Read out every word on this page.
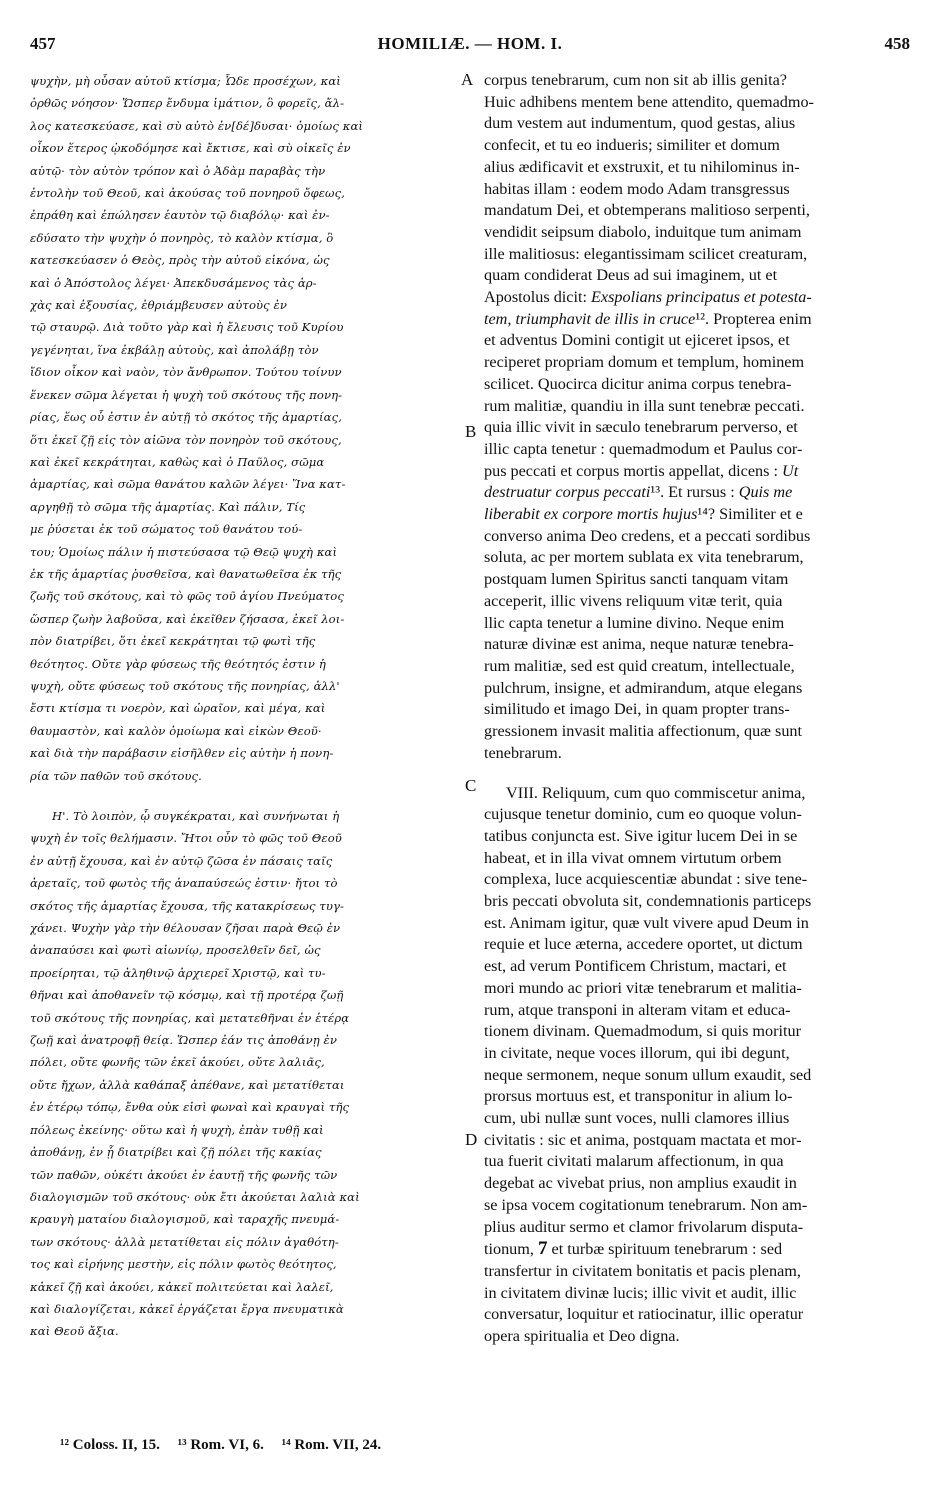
457	HOMILIÆ. — HOM. I.	458
A
B
C
D
ψυχὴν, μὴ οὖσαν αὐτοῦ κτίσμα; Ὧδε προσέχων, καὶ
ὀρθῶς νόησον· Ὥσπερ ἔνδυμα ἱμάτιον, ὃ φορεῖς, ἄλ-
λος κατεσκεύασε, καὶ σὺ αὐτὸ ἐν[δέ]δυσαι· ὁμοίως καὶ
οἶκον ἕτερος ᾠκοδόμησε καὶ ἔκτισε, καὶ σὺ οἰκεῖς ἐν
αὐτῷ· τὸν αὐτὸν τρόπον καὶ ὁ Ἀδὰμ παραβὰς τὴν
ἐντολὴν τοῦ Θεοῦ, καὶ ἀκούσας τοῦ πονηροῦ ὄφεως,
ἐπράθη καὶ ἐπώλησεν ἑαυτὸν τῷ διαβόλῳ· καὶ ἐν-
εδύσατο τὴν ψυχὴν ὁ πονηρὸς, τὸ καλὸν κτίσμα, ὃ
κατεσκεύασεν ὁ Θεὸς, πρὸς τὴν αὐτοῦ εἰκόνα, ὡς
καὶ ὁ Ἀπόστολος λέγει· Ἀπεκδυσάμενος τὰς ἀρ-
χὰς καὶ ἐξουσίας, ἐθριάμβευσεν αὐτοὺς ἐν
τῷ σταυρῷ. Διὰ τοῦτο γὰρ καὶ ἡ ἔλευσις τοῦ Κυρίου
γεγένηται, ἵνα ἐκβάλῃ αὐτοὺς, καὶ ἀπολάβῃ τὸν
ἴδιον οἶκον καὶ ναὸν, τὸν ἄνθρωπον. Τούτου τοίνυν
ἕνεκεν σῶμα λέγεται ἡ ψυχὴ τοῦ σκότους τῆς πονη-
ρίας, ἕως οὗ ἐστιν ἐν αὐτῇ τὸ σκότος τῆς ἁμαρτίας,
ὅτι ἐκεῖ ζῇ εἰς τὸν αἰῶνα τὸν πονηρὸν τοῦ σκότους,
καὶ ἐκεῖ κεκράτηται, καθὼς καὶ ὁ Παῦλος, σῶμα
ἁμαρτίας, καὶ σῶμα θανάτου καλῶν λέγει· Ἵνα κατ-
αργηθῇ τὸ σῶμα τῆς ἁμαρτίας. Καὶ πάλιν, Τίς
με ῥύσεται ἐκ τοῦ σώματος τοῦ θανάτου τού-
του; Ὁμοίως πάλιν ἡ πιστεύσασα τῷ Θεῷ ψυχὴ καὶ
ἐκ τῆς ἁμαρτίας ῥυσθεῖσα, καὶ θανατωθεῖσα ἐκ τῆς
ζωῆς τοῦ σκότους, καὶ τὸ φῶς τοῦ ἁγίου Πνεύματος
ὥσπερ ζωὴν λαβοῦσα, καὶ ἐκεῖθεν ζήσασα, ἐκεῖ λοι-
πὸν διατρίβει, ὅτι ἐκεῖ κεκράτηται τῷ φωτὶ τῆς
θεότητος. Οὔτε γὰρ φύσεως τῆς θεότητός ἐστιν ἡ
ψυχὴ, οὔτε φύσεως τοῦ σκότους τῆς πονηρίας, ἀλλ'
ἔστι κτίσμα τι νοερὸν, καὶ ὡραῖον, καὶ μέγα, καὶ
θαυμαστὸν, καὶ καλὸν ὁμοίωμα καὶ εἰκὼν Θεοῦ·
καὶ διὰ τὴν παράβασιν εἰσῆλθεν εἰς αὐτὴν ἡ πονη-
ρία τῶν παθῶν τοῦ σκότους.
Η'. Τὸ λοιπὸν, ᾧ συγκέκραται, καὶ συνήνωται ἡ
ψυχὴ ἐν τοῖς θελήμασιν. Ἤτοι οὖν τὸ φῶς τοῦ Θεοῦ
ἐν αὐτῇ ἔχουσα, καὶ ἐν αὐτῷ ζῶσα ἐν πάσαις ταῖς
ἀρεταῖς, τοῦ φωτὸς τῆς ἀναπαύσεώς ἐστιν· ἤτοι τὸ
σκότος τῆς ἁμαρτίας ἔχουσα, τῆς κατακρίσεως τυγ-
χάνει. Ψυχὴν γὰρ τὴν θέλουσαν ζῆσαι παρὰ Θεῷ ἐν
ἀναπαύσει καὶ φωτὶ αἰωνίῳ, προσελθεῖν δεῖ, ὡς
προείρηται, τῷ ἀληθινῷ ἀρχιερεῖ Χριστῷ, καὶ τυ-
θῆναι καὶ ἀποθανεῖν τῷ κόσμῳ, καὶ τῇ προτέρᾳ ζωῇ
τοῦ σκότους τῆς πονηρίας, καὶ μετατεθῆναι ἐν ἑτέρᾳ
ζωῇ καὶ ἀνατροφῇ θείᾳ. Ὥσπερ ἐάν τις ἀποθάνῃ ἐν
πόλει, οὔτε φωνῆς τῶν ἐκεῖ ἀκούει, οὔτε λαλιᾶς,
οὔτε ἤχων, ἀλλὰ καθάπαξ ἀπέθανε, καὶ μετατίθεται
ἐν ἑτέρῳ τόπῳ, ἔνθα οὐκ εἰσὶ φωναὶ καὶ κραυγαὶ τῆς
πόλεως ἐκείνης· οὕτω καὶ ἡ ψυχὴ, ἐπὰν τυθῇ καὶ
ἀποθάνῃ, ἐν ᾗ διατρίβει καὶ ζῇ πόλει τῆς κακίας
τῶν παθῶν, οὐκέτι ἀκούει ἐν ἑαυτῇ τῆς φωνῆς τῶν
διαλογισμῶν τοῦ σκότους· οὐκ ἔτι ἀκούεται λαλιὰ καὶ
κραυγὴ ματαίου διαλογισμοῦ, καὶ ταραχῆς πνευμά-
των σκότους· ἀλλὰ μετατίθεται εἰς πόλιν ἀγαθότη-
τος καὶ εἰρήνης μεστὴν, εἰς πόλιν φωτὸς θεότητος,
κἀκεῖ ζῇ καὶ ἀκούει, κἀκεῖ πολιτεύεται καὶ λαλεῖ,
καὶ διαλογίζεται, κἀκεῖ ἐργάζεται ἔργα πνευματικὰ
καὶ Θεοῦ ἄξια.
corpus tenebrarum, cum non sit ab illis genita?
Huic adhibens mentem bene attendito, quemadmo-
dum vestem aut indumentum, quod gestas, alius
confecit, et tu eo indueris; similiter et domum
alius ædificavit et exstruxit, et tu nihilominus in-
habitas illam : eodem modo Adam transgressus
mandatum Dei, et obtemperans malitioso serpenti,
vendidit seipsum diabolo, induitque tum animam
ille malitiosus: elegantissimam scilicet creaturam,
quam condiderat Deus ad sui imaginem, ut et
Apostolus dicit: Exspolians principatus et potesta-
tem, triumphavit de illis in cruce¹². Propterea enim
et adventus Domini contigit ut ejiceret ipsos, et
reciperet propriam domum et templum, hominem
scilicet. Quocirca dicitur anima corpus tenebra-
rum malitiæ, quandiu in illa sunt tenebræ peccati.
quia illic vivit in sæculo tenebrarum perverso, et
illic capta tenetur : quemadmodum et Paulus cor-
pus peccati et corpus mortis appellat, dicens : Ut
destruatur corpus peccati¹³. Et rursus : Quis me
liberabit ex corpore mortis hujus¹⁴? Similiter et e
converso anima Deo credens, et a peccati sordibus
soluta, ac per mortem sublata ex vita tenebrarum,
postquam lumen Spiritus sancti tanquam vitam
acceperit, illic vivens reliquum vitæ terit, quia
llic capta tenetur a lumine divino. Neque enim
naturæ divinæ est anima, neque naturæ tenebra-
rum malitiæ, sed est quid creatum, intellectuale,
pulchrum, insigne, et admirandum, atque elegans
similitudo et imago Dei, in quam propter trans-
gressionem invasit malitia affectionum, quæ sunt
tenebrarum.
VIII. Reliquum, cum quo commiscetur anima,
cujusque tenetur dominio, cum eo quoque volun-
tatibus conjuncta est. Sive igitur lucem Dei in se
habeat, et in illa vivat omnem virtutum orbem
complexa, luce acquiescentiæ abundat : sive tene-
bris peccati obvoluta sit, condemnationis particeps
est. Animam igitur, quæ vult vivere apud Deum in
requie et luce æterna, accedere oportet, ut dictum
est, ad verum Pontificem Christum, mactari, et
mori mundo ac priori vitæ tenebrarum et malitia-
rum, atque transponi in alteram vitam et educa-
tionem divinam. Quemadmodum, si quis moritur
in civitate, neque voces illorum, qui ibi degunt,
neque sermonem, neque sonum ullum exaudit, sed
prorsus mortuus est, et transponitur in alium lo-
cum, ubi nullæ sunt voces, nulli clamores illius
civitatis : sic et anima, postquam mactata et mor-
tua fuerit civitati malarum affectionum, in qua
degebat ac vivebat prius, non amplius exaudit in
se ipsa vocem cogitationum tenebrarum. Non am-
plius auditur sermo et clamor frivolarum disputa-
tionum, 7 et turbæ spirituum tenebrarum : sed
transfertur in civitatem bonitatis et pacis plenam,
in civitatem divinæ lucis; illic vivit et audit, illic
conversatur, loquitur et ratiocinatur, illic operatur
opera spiritualia et Deo digna.
¹² Coloss. II, 15. ¹³ Rom. VI, 6. ¹⁴ Rom. VII, 24.
